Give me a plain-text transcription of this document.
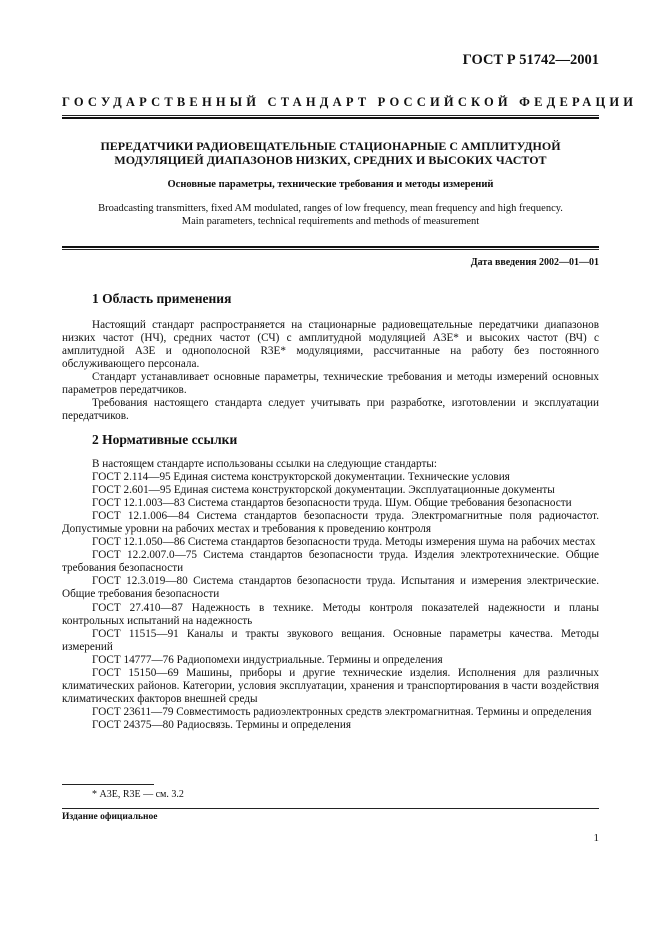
ГОСТ Р 51742—2001
ГОСУДАРСТВЕННЫЙ СТАНДАРТ РОССИЙСКОЙ ФЕДЕРАЦИИ
ПЕРЕДАТЧИКИ РАДИОВЕЩАТЕЛЬНЫЕ СТАЦИОНАРНЫЕ С АМПЛИТУДНОЙ
МОДУЛЯЦИЕЙ ДИАПАЗОНОВ НИЗКИХ, СРЕДНИХ И ВЫСОКИХ ЧАСТОТ
Основные параметры, технические требования и методы измерений
Broadcasting transmitters, fixed AM modulated, ranges of low frequency, mean frequency and high frequency.
Main parameters, technical requirements and methods of measurement
Дата введения 2002—01—01
1 Область применения

Настоящий стандарт распространяется на стационарные радиовещательные передатчики диапазонов низких частот (НЧ), средних частот (СЧ) с амплитудной модуляцией А3Е* и высоких частот (ВЧ) с амплитудной А3Е и однополосной R3E* модуляциями, рассчитанные на работу без постоянного обслуживающего персонала.

Стандарт устанавливает основные параметры, технические требования и методы измерений основных параметров передатчиков.

Требования настоящего стандарта следует учитывать при разработке, изготовлении и эксплуатации передатчиков.

2 Нормативные ссылки

В настоящем стандарте использованы ссылки на следующие стандарты:

ГОСТ 2.114—95 Единая система конструкторской документации. Технические условия

ГОСТ 2.601—95 Единая система конструкторской документации. Эксплуатационные документы

ГОСТ 12.1.003—83 Система стандартов безопасности труда. Шум. Общие требования безопасности

ГОСТ 12.1.006—84 Система стандартов безопасности труда. Электромагнитные поля радиочастот. Допустимые уровни на рабочих местах и требования к проведению контроля

ГОСТ 12.1.050—86 Система стандартов безопасности труда. Методы измерения шума на рабочих местах

ГОСТ 12.2.007.0—75 Система стандартов безопасности труда. Изделия электротехнические. Общие требования безопасности

ГОСТ 12.3.019—80 Система стандартов безопасности труда. Испытания и измерения электрические. Общие требования безопасности

ГОСТ 27.410—87 Надежность в технике. Методы контроля показателей надежности и планы контрольных испытаний на надежность

ГОСТ 11515—91 Каналы и тракты звукового вещания. Основные параметры качества. Методы измерений

ГОСТ 14777—76 Радиопомехи индустриальные. Термины и определения

ГОСТ 15150—69 Машины, приборы и другие технические изделия. Исполнения для различных климатических районов. Категории, условия эксплуатации, хранения и транспортирования в части воздействия климатических факторов внешней среды

ГОСТ 23611—79 Совместимость радиоэлектронных средств электромагнитная. Термины и определения

ГОСТ 24375—80 Радиосвязь. Термины и определения

* А3Е, R3E — см. 3.2
Издание официальное
1
